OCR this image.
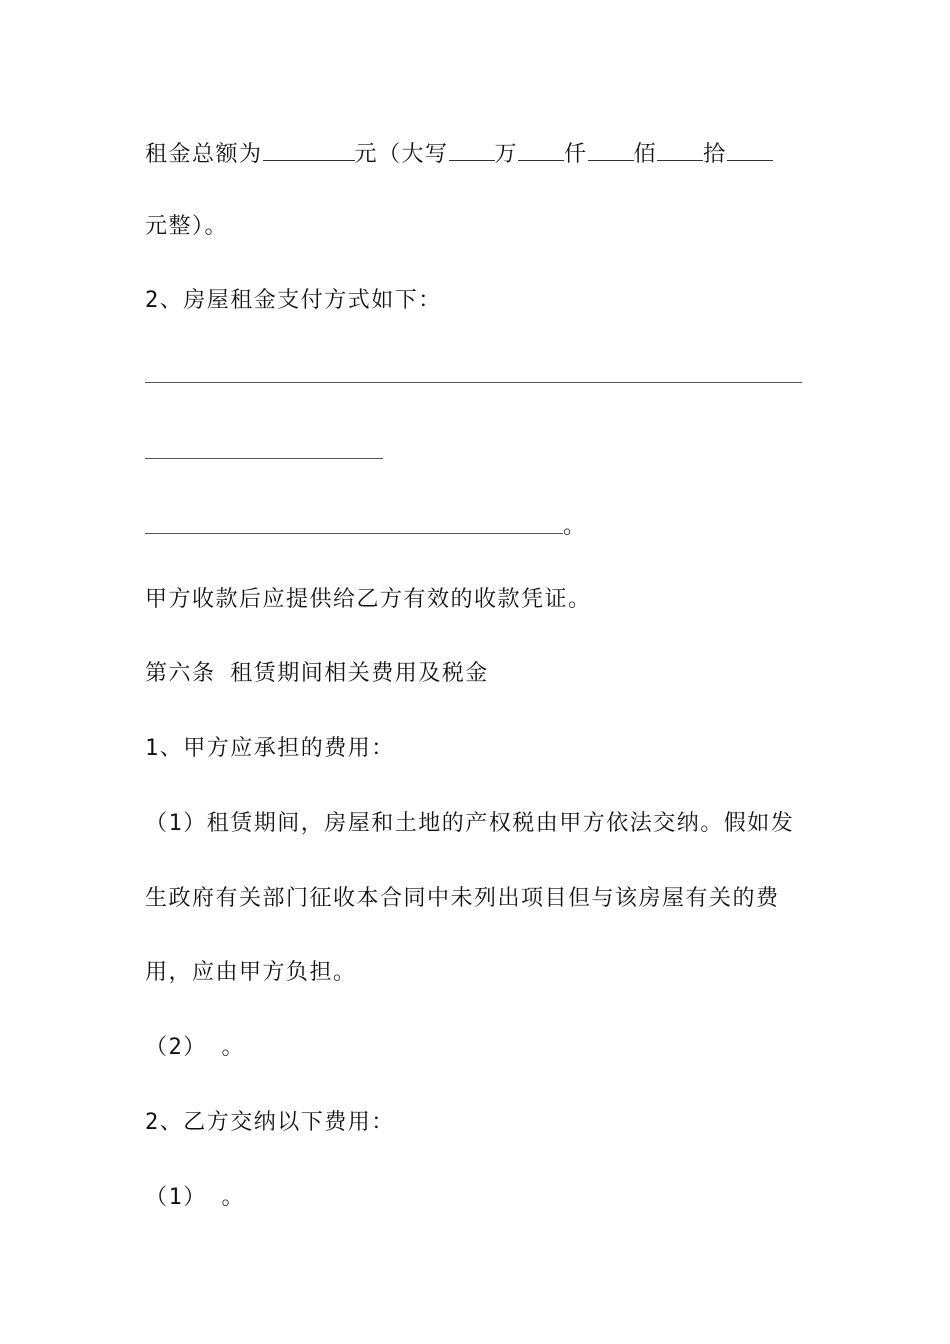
租金总额为	元（大写 万 仟 佰 拾
元整）。
2、房屋租金支付方式如下：
。
甲方收款后应提供给乙方有效的收款凭证。
第六条 租赁期间相关费用及税金
1、甲方应承担的费用：
（1）租赁期间，房屋和土地的产权税由甲方依法交纳。假如发
生政府有关部门征收本合同中未列出项目但与该房屋有关的费
用，应由甲方负担。
（2） 。
2、乙方交纳以下费用：
（1） 。
